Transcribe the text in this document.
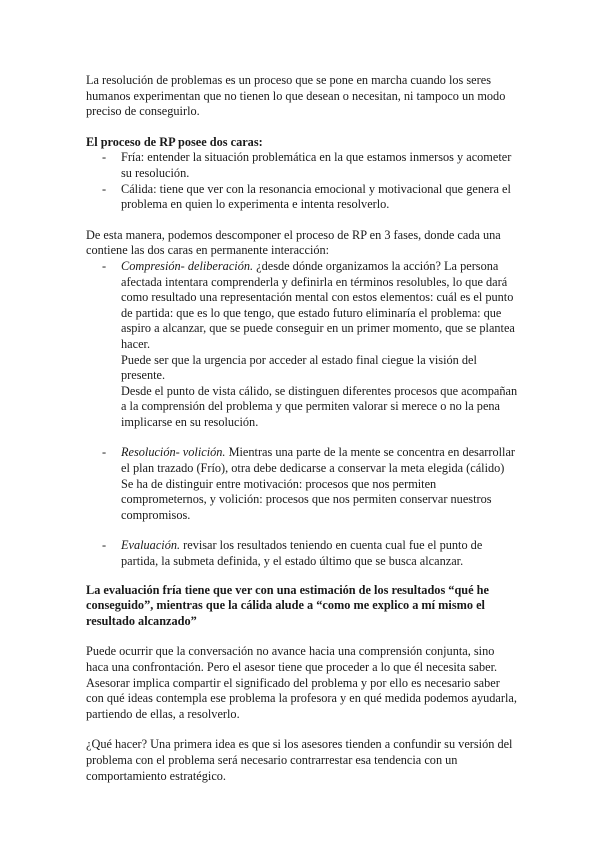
La resolución de problemas es un proceso que se pone en marcha cuando los seres humanos experimentan que no tienen lo que desean o necesitan, ni tampoco un modo preciso de conseguirlo.

El proceso de RP posee dos caras:

- Fría: entender la situación problemática en la que estamos inmersos y acometer su resolución.
- Cálida: tiene que ver con la resonancia emocional y motivacional que genera el problema en quien lo experimenta e intenta resolverlo.

De esta manera, podemos descomponer el proceso de RP en 3 fases, donde cada una contiene las dos caras en permanente interacción:

- Compresión- deliberación. ¿desde dónde organizamos la acción? La persona afectada intentara comprenderla y definirla en términos resolubles, lo que dará como resultado una representación mental con estos elementos: cuál es el punto de partida: que es lo que tengo, que estado futuro eliminaría el problema: que aspiro a alcanzar, que se puede conseguir en un primer momento, que se plantea hacer.

Puede ser que la urgencia por acceder al estado final ciegue la visión del presente.

Desde el punto de vista cálido, se distinguen diferentes procesos que acompañan a la comprensión del problema y que permiten valorar si merece o no la pena implicarse en su resolución.

- Resolución- volición. Mientras una parte de la mente se concentra en desarrollar el plan trazado (Frío), otra debe dedicarse a conservar la meta elegida (cálido)

Se ha de distinguir entre motivación: procesos que nos permiten comprometernos, y volición: procesos que nos permiten conservar nuestros compromisos.

- Evaluación. revisar los resultados teniendo en cuenta cual fue el punto de partida, la submeta definida, y el estado último que se busca alcanzar.

La evaluación fría tiene que ver con una estimación de los resultados “qué he conseguido”, mientras que la cálida alude a “como me explico a mí mismo el resultado alcanzado”

Puede ocurrir que la conversación no avance hacia una comprensión conjunta, sino haca una confrontación. Pero el asesor tiene que proceder a lo que él necesita saber.

Asesorar implica compartir el significado del problema y por ello es necesario saber con qué ideas contempla ese problema la profesora y en qué medida podemos ayudarla, partiendo de ellas, a resolverlo.

¿Qué hacer? Una primera idea es que si los asesores tienden a confundir su versión del problema con el problema será necesario contrarrestar esa tendencia con un comportamiento estratégico.
